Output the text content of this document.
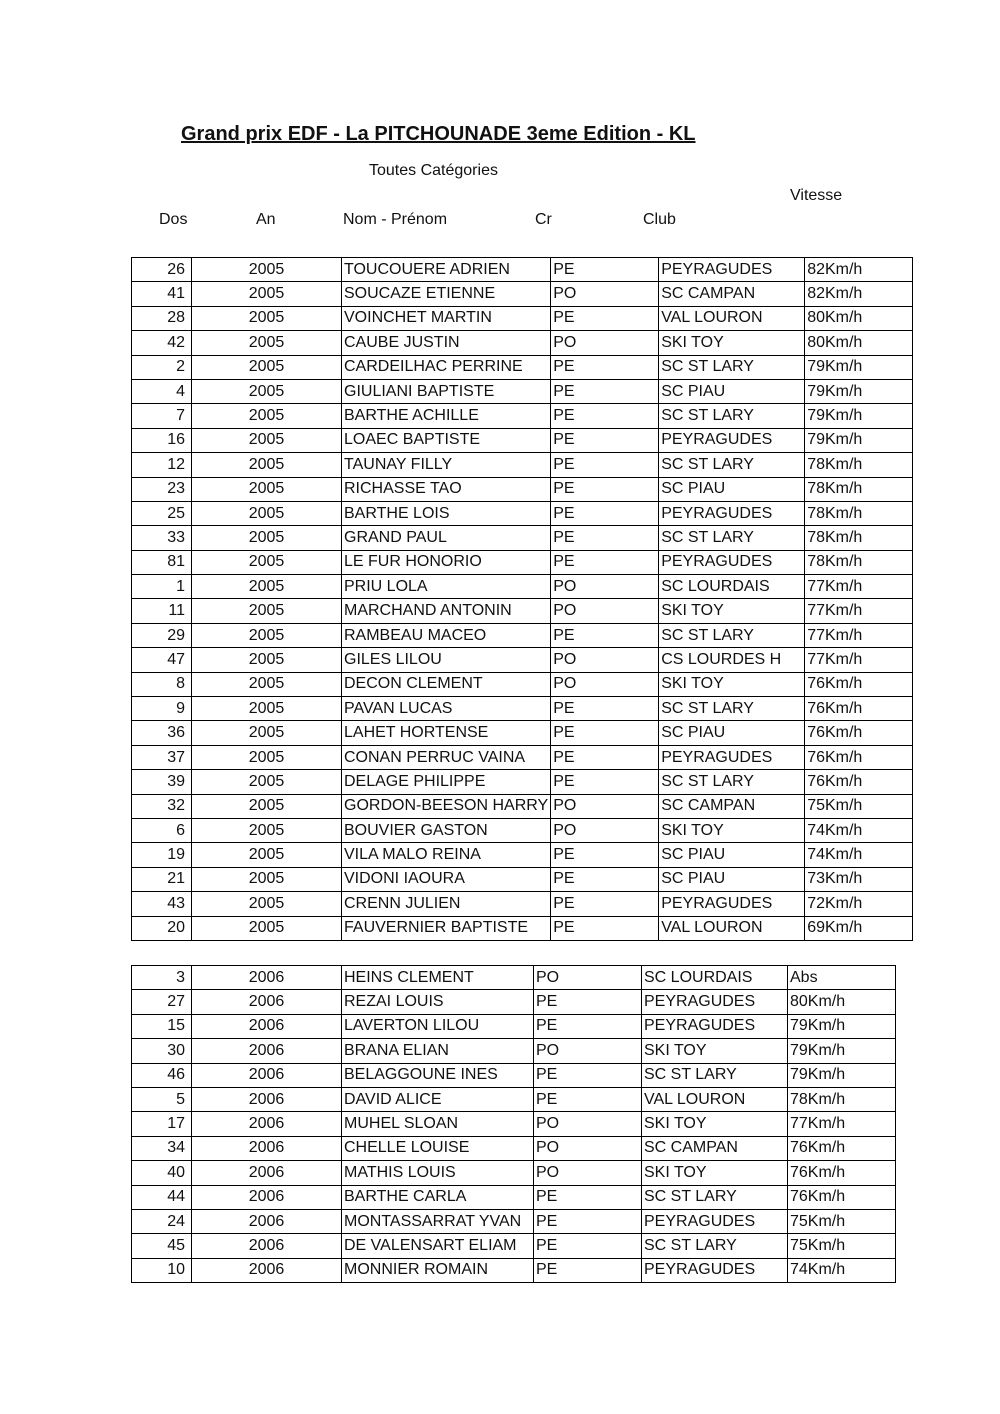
Grand prix EDF - La PITCHOUNADE 3eme Edition - KL
Toutes Catégories
Dos	An	Nom - Prénom	Cr	Club
Vitesse
26	2005	TOUCOUERE ADRIEN	PE	PEYRAGUDES	82Km/h
41	2005	SOUCAZE ETIENNE	PO	SC CAMPAN	82Km/h
28	2005	VOINCHET MARTIN	PE	VAL LOURON	80Km/h
42	2005	CAUBE JUSTIN	PO	SKI TOY	80Km/h
2	2005	CARDEILHAC PERRINE	PE	SC ST LARY	79Km/h
4	2005	GIULIANI BAPTISTE	PE	SC PIAU	79Km/h
7	2005	BARTHE ACHILLE	PE	SC ST LARY	79Km/h
16	2005	LOAEC BAPTISTE	PE	PEYRAGUDES	79Km/h
12	2005	TAUNAY FILLY	PE	SC ST LARY	78Km/h
23	2005	RICHASSE TAO	PE	SC PIAU	78Km/h
25	2005	BARTHE LOIS	PE	PEYRAGUDES	78Km/h
33	2005	GRAND PAUL	PE	SC ST LARY	78Km/h
81	2005	LE FUR HONORIO	PE	PEYRAGUDES	78Km/h
1	2005	PRIU LOLA	PO	SC LOURDAIS	77Km/h
11	2005	MARCHAND ANTONIN	PO	SKI TOY	77Km/h
29	2005	RAMBEAU MACEO	PE	SC ST LARY	77Km/h
47	2005	GILES LILOU	PO	CS LOURDES H	77Km/h
8	2005	DECON CLEMENT	PO	SKI TOY	76Km/h
9	2005	PAVAN LUCAS	PE	SC ST LARY	76Km/h
36	2005	LAHET HORTENSE	PE	SC PIAU	76Km/h
37	2005	CONAN PERRUC VAINA	PE	PEYRAGUDES	76Km/h
39	2005	DELAGE PHILIPPE	PE	SC ST LARY	76Km/h
32	2005	GORDON-BEESON HARRY	PO	SC CAMPAN	75Km/h
6	2005	BOUVIER GASTON	PO	SKI TOY	74Km/h
19	2005	VILA MALO REINA	PE	SC PIAU	74Km/h
21	2005	VIDONI IAOURA	PE	SC PIAU	73Km/h
43	2005	CRENN JULIEN	PE	PEYRAGUDES	72Km/h
20	2005	FAUVERNIER BAPTISTE	PE	VAL LOURON	69Km/h
3	2006	HEINS CLEMENT	PO	SC LOURDAIS	Abs
27	2006	REZAI LOUIS	PE	PEYRAGUDES	80Km/h
15	2006	LAVERTON LILOU	PE	PEYRAGUDES	79Km/h
30	2006	BRANA ELIAN	PO	SKI TOY	79Km/h
46	2006	BELAGGOUNE INES	PE	SC ST LARY	79Km/h
5	2006	DAVID ALICE	PE	VAL LOURON	78Km/h
17	2006	MUHEL SLOAN	PO	SKI TOY	77Km/h
34	2006	CHELLE LOUISE	PO	SC CAMPAN	76Km/h
40	2006	MATHIS LOUIS	PO	SKI TOY	76Km/h
44	2006	BARTHE CARLA	PE	SC ST LARY	76Km/h
24	2006	MONTASSARRAT YVAN	PE	PEYRAGUDES	75Km/h
45	2006	DE VALENSART ELIAM	PE	SC ST LARY	75Km/h
10	2006	MONNIER ROMAIN	PE	PEYRAGUDES	74Km/h
